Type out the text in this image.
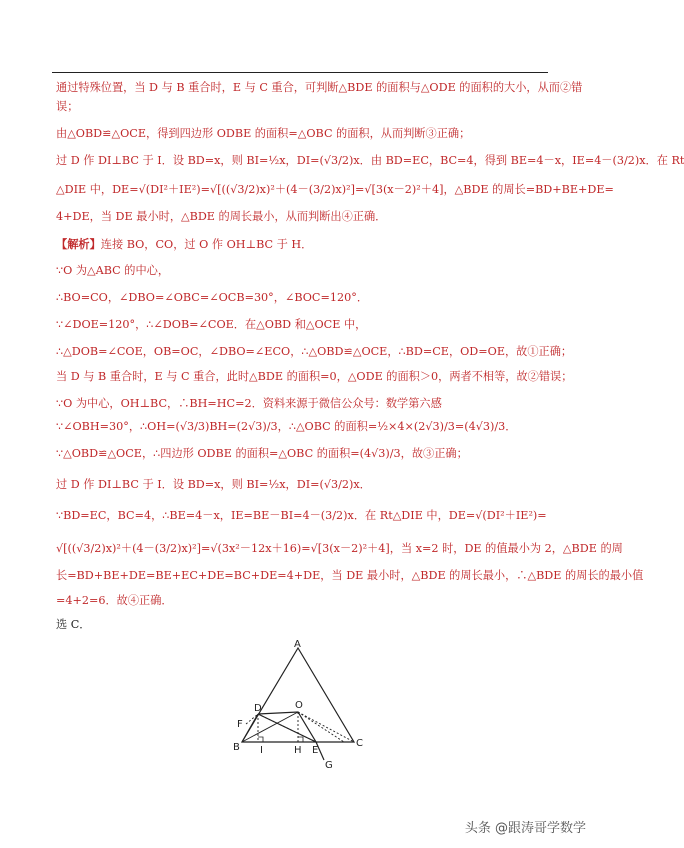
通过特殊位置，当 D 与 B 重合时，E 与 C 重合，可判断△BDE 的面积与△ODE 的面积的大小，从而②错
误；
由△OBD≌△OCE，得到四边形 ODBE 的面积=△OBC 的面积，从而判断③正确；
过 D 作 DI⊥BC 于 I．设 BD=x，则 BI=½x，DI=(√3/2)x．由 BD=EC，BC=4，得到 BE=4－x，IE=4－(3/2)x．在 Rt
△DIE 中，DE=√(DI²＋IE²)=√[((√3/2)x)²＋(4－(3/2)x)²]=√[3(x－2)²＋4]，△BDE 的周长=BD+BE+DE=
4+DE，当 DE 最小时，△BDE 的周长最小，从而判断出④正确．
【解析】连接 BO，CO，过 O 作 OH⊥BC 于 H．
∵O 为△ABC 的中心，
∴BO=CO，∠DBO=∠OBC=∠OCB=30°，∠BOC=120°．
∵∠DOE=120°，∴∠DOB=∠COE．在△OBD 和△OCE 中，
∴△DOB=∠COE，OB=OC，∠DBO=∠ECO，∴△OBD≌△OCE，∴BD=CE，OD=OE，故①正确；
当 D 与 B 重合时，E 与 C 重合，此时△BDE 的面积=0，△ODE 的面积＞0，两者不相等，故②错误；
∵O 为中心，OH⊥BC，∴BH=HC=2．资料来源于微信公众号：数学第六感
∵∠OBH=30°，∴OH=(√3/3)BH=(2√3)/3，∴△OBC 的面积=½×4×(2√3)/3=(4√3)/3．
∵△OBD≌△OCE，∴四边形 ODBE 的面积=△OBC 的面积=(4√3)/3，故③正确；
过 D 作 DI⊥BC 于 I．设 BD=x，则 BI=½x，DI=(√3/2)x．
∵BD=EC，BC=4，∴BE=4－x，IE=BE－BI=4－(3/2)x．在 Rt△DIE 中，DE=√(DI²＋IE²)=
√[((√3/2)x)²＋(4－(3/2)x)²]=√(3x²－12x＋16)=√[3(x－2)²＋4]，当 x=2 时，DE 的值最小为 2，△BDE 的周
长=BD+BE+DE=BE+EC+DE=BC+DE=4+DE，当 DE 最小时，△BDE 的周长最小，∴△BDE 的周长的最小值
=4+2=6．故④正确．
选 C．
A
B	C
D
E
F
G
H
I
O
头条 @跟涛哥学数学
